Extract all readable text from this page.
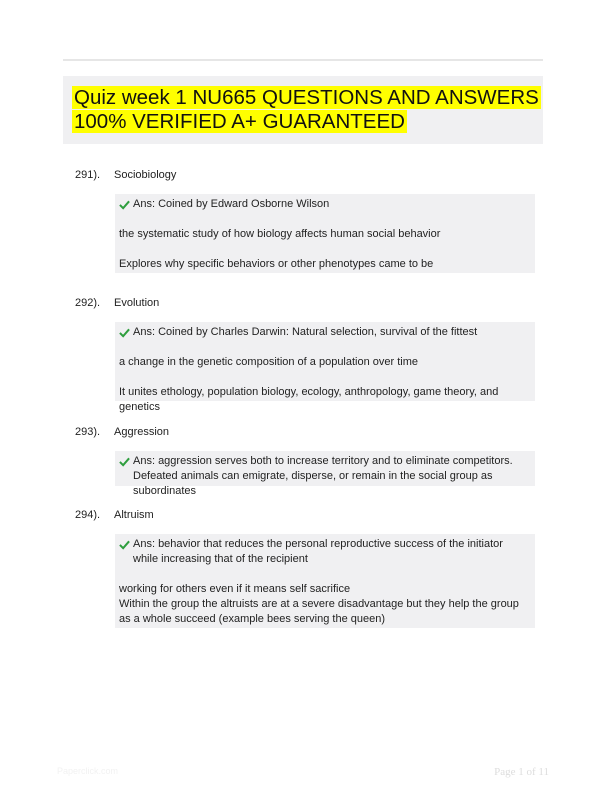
Quiz week 1 NU665 QUESTIONS AND ANSWERS
100% VERIFIED A+ GUARANTEED
291).	Sociobiology

Ans: Coined by Edward Osborne Wilson

the systematic study of how biology affects human social behavior

Explores why specific behaviors or other phenotypes came to be

292).	Evolution

Ans: Coined by Charles Darwin: Natural selection, survival of the fittest

a change in the genetic composition of a population over time

It unites ethology, population biology, ecology, anthropology, game theory, and genetics

293).	Aggression

Ans: aggression serves both to increase territory and to eliminate competitors. Defeated animals can emigrate, disperse, or remain in the social group as subordinates

294).	Altruism

Ans: behavior that reduces the personal reproductive success of the initiator while increasing that of the recipient

working for others even if it means self sacrifice

Within the group the altruists are at a severe disadvantage but they help the group as a whole succeed (example bees serving the queen)

Paperclick.com	Page 1 of 11
